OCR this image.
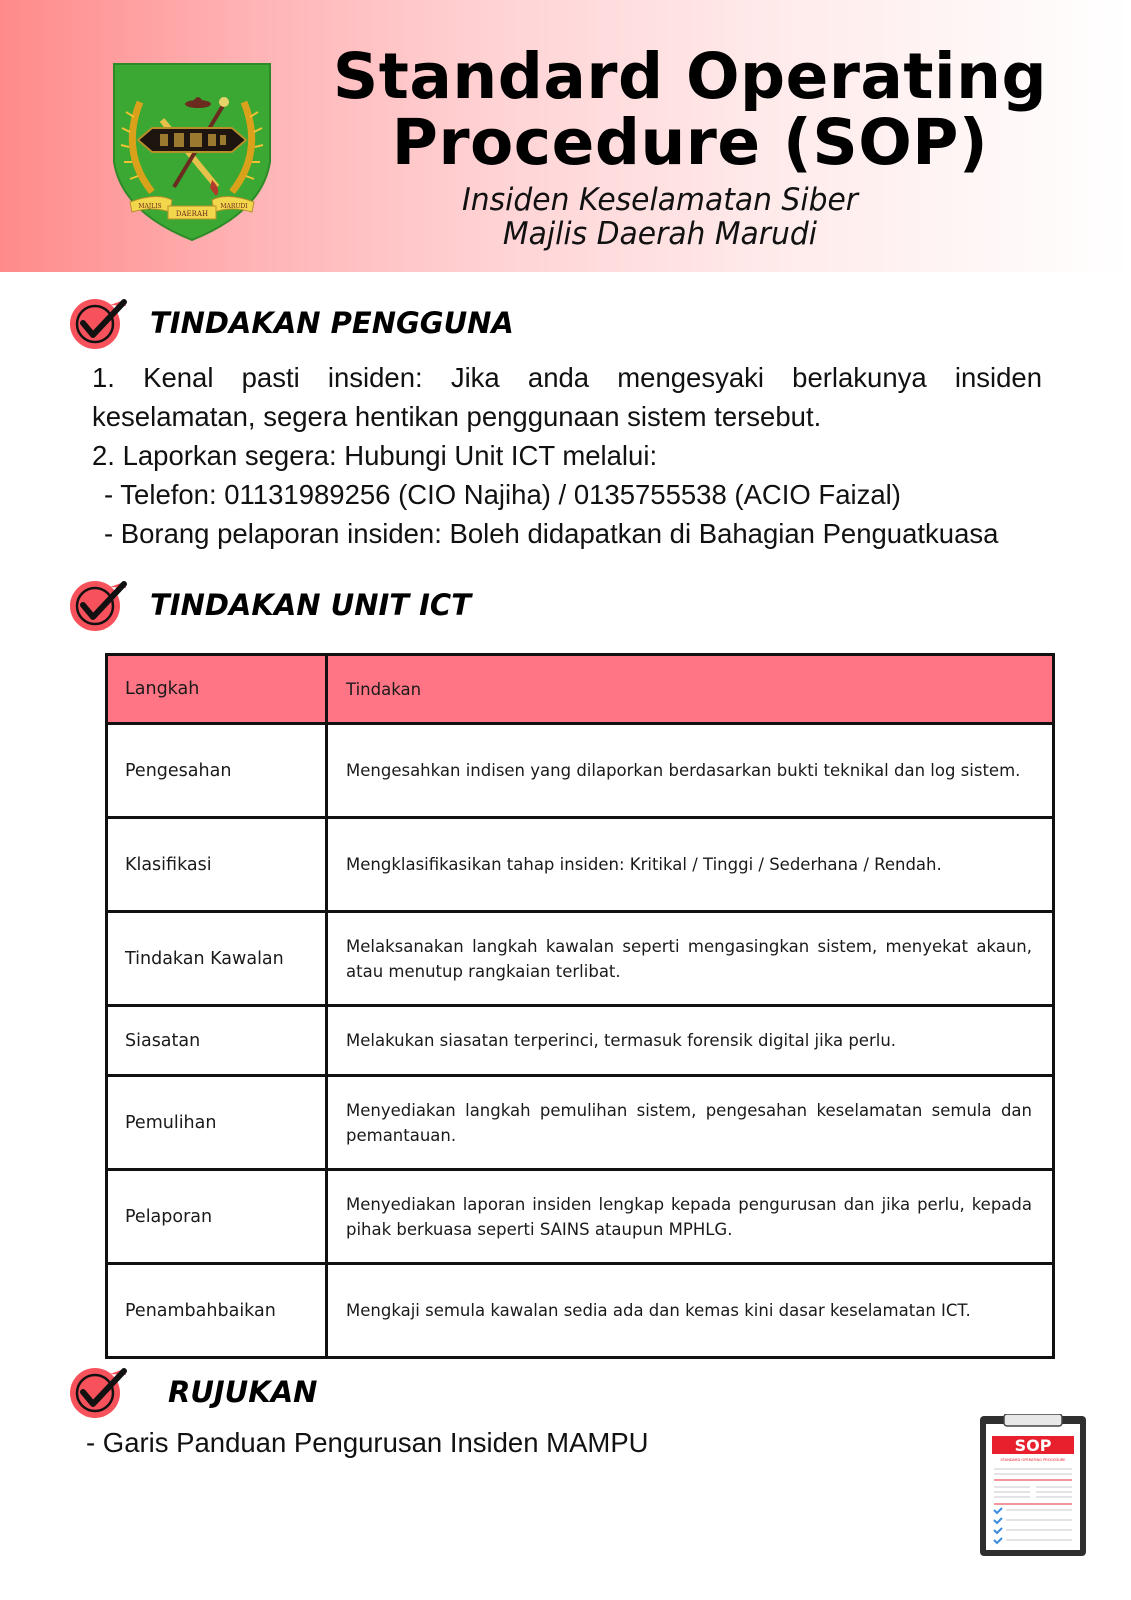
DAERAH
MAJLIS	MARUDI
Standard Operating
Procedure (SOP)
Insiden Keselamatan Siber
Majlis Daerah Marudi
TINDAKAN PENGGUNA
1. Kenal pasti insiden: Jika anda mengesyaki berlakunya insiden keselamatan, segera hentikan penggunaan sistem tersebut.
2. Laporkan segera: Hubungi Unit ICT melalui:
- Telefon: 01131989256 (CIO Najiha) / 0135755538 (ACIO Faizal)
- Borang pelaporan insiden: Boleh didapatkan di Bahagian Penguatkuasa
TINDAKAN UNIT ICT
Langkah	Tindakan
Pengesahan	Mengesahkan indisen yang dilaporkan berdasarkan bukti teknikal dan log sistem.
Klasifikasi	Mengklasifikasikan tahap insiden: Kritikal / Tinggi / Sederhana / Rendah.
Tindakan Kawalan	Melaksanakan langkah kawalan seperti mengasingkan sistem, menyekat akaun, atau menutup rangkaian terlibat.
Siasatan	Melakukan siasatan terperinci, termasuk forensik digital jika perlu.
Pemulihan	Menyediakan langkah pemulihan sistem, pengesahan keselamatan semula dan pemantauan.
Pelaporan	Menyediakan laporan insiden lengkap kepada pengurusan dan jika perlu, kepada pihak berkuasa seperti SAINS ataupun MPHLG.
Penambahbaikan	Mengkaji semula kawalan sedia ada dan kemas kini dasar keselamatan ICT.
RUJUKAN
- Garis Panduan Pengurusan Insiden MAMPU	SOP
STANDARD OPERATING PROCEDURE
